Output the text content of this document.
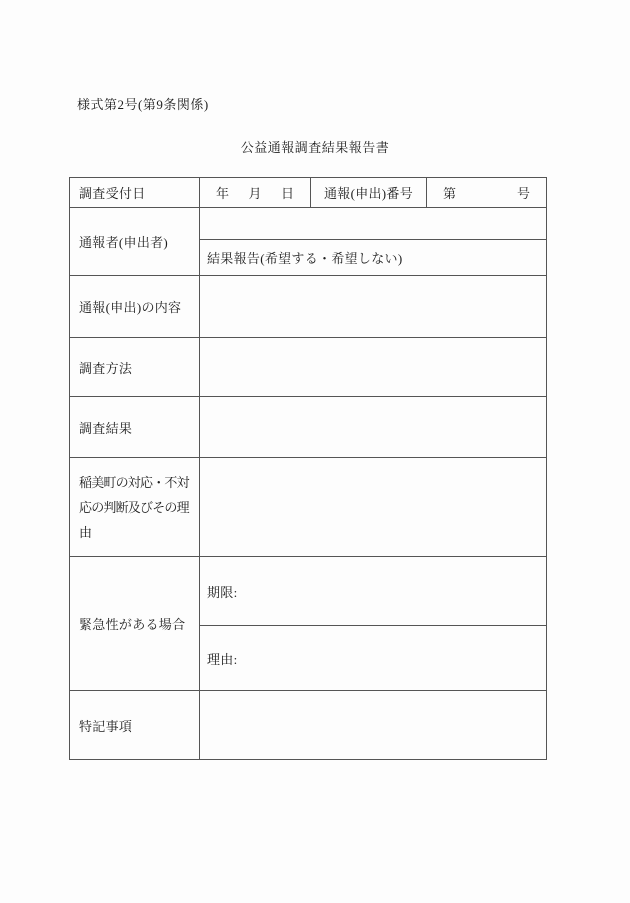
様式第2号(第9条関係)
公益通報調査結果報告書
調査受付日	年 月 日	通報(申出)番号	第 号

通報者(申出者)			
	結果報告(希望する・希望しない)		
通報(申出)の内容			
調査方法			
調査結果			
稲美町の対応・不対応の判断及びその理由			
緊急性がある場合	期限:		
	理由:		
特記事項			
